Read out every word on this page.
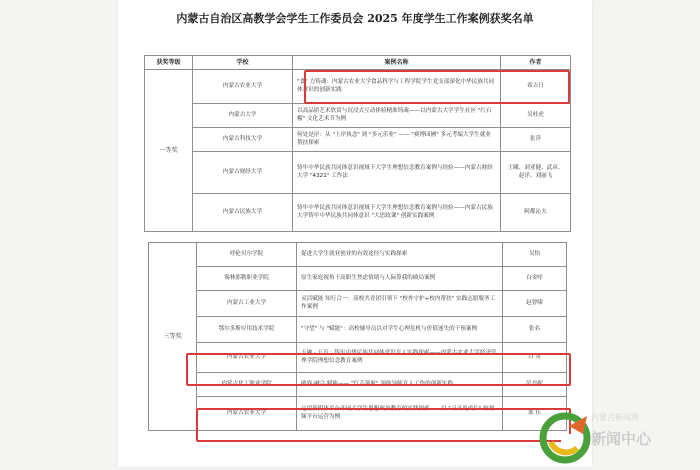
内蒙古自治区高教学会学生工作委员会 2025 年度学生工作案例获奖名单
获奖等级	学校	案例名称	作者
一等奖	内蒙古农业大学	"食" 力铸魂：内蒙古农业大学食品科学与工程学院学生党支部深化中华民族共同体意识的创新实践	希吉日
	内蒙古大学	以高品质艺术欣赏与沉浸式互动体验精准铸魂——以内蒙古大学学生社区 "红石榴" 文化艺术节为例	吴桂虎
	内蒙古科技大学	何处是岸：从 "上岸执念" 到 "多元乐业" —— "赛博园圃" 多元考编大学生就业帮扶探索	张萍
	内蒙古财经大学	铸牢中华民族共同体意识视域下大学生理想信念教育案例与经验——内蒙古财经大学 "4321" 工作法	王曦、刘亚健、武彦、赵洋、刘丽飞
	内蒙古民族大学	铸牢中华民族共同体意识视域下大学生理想信念教育案例与经验——内蒙古民族大学铸牢中华民族共同体意识 "大思政课" 创新实践案例	阿都沁夫
三等奖	呼伦贝尔学院	促进大学生就业创业的有效途径与实践探索	吴怡
	锡林郭勒职业学院	原生家庭视角下高职生焦虑情绪与人际算我的破局案例	白金呼
	内蒙古工业大学	灵活赋能 知行合一：高校共青团引领下 "校外守护+校内帮扶" 实践志愿服务工作案例	赵智啸
	鄂尔多斯应用技术学院	"守望" 与 "赋能"：高校辅导员以对学生心理危机与价值迷失的干预案例	张名
	内蒙古农业大学	五融 · 五育：铸牢中华民族共同体意识育人实践探索——内蒙古农业大学经济管理学院理想信念教育案例	白 灵
	内蒙古化工职业学院	破界·融合·赋能—— "红芯领航" 领航导师育人工作的创新实践	彭丹妮
	内蒙古农业大学	运用新媒体平台开展大学生思想政治教育的实践探索——以 "寻灵说成长" 短视频平台运营为例	那 佳
内蒙古新闻网
新闻中心
